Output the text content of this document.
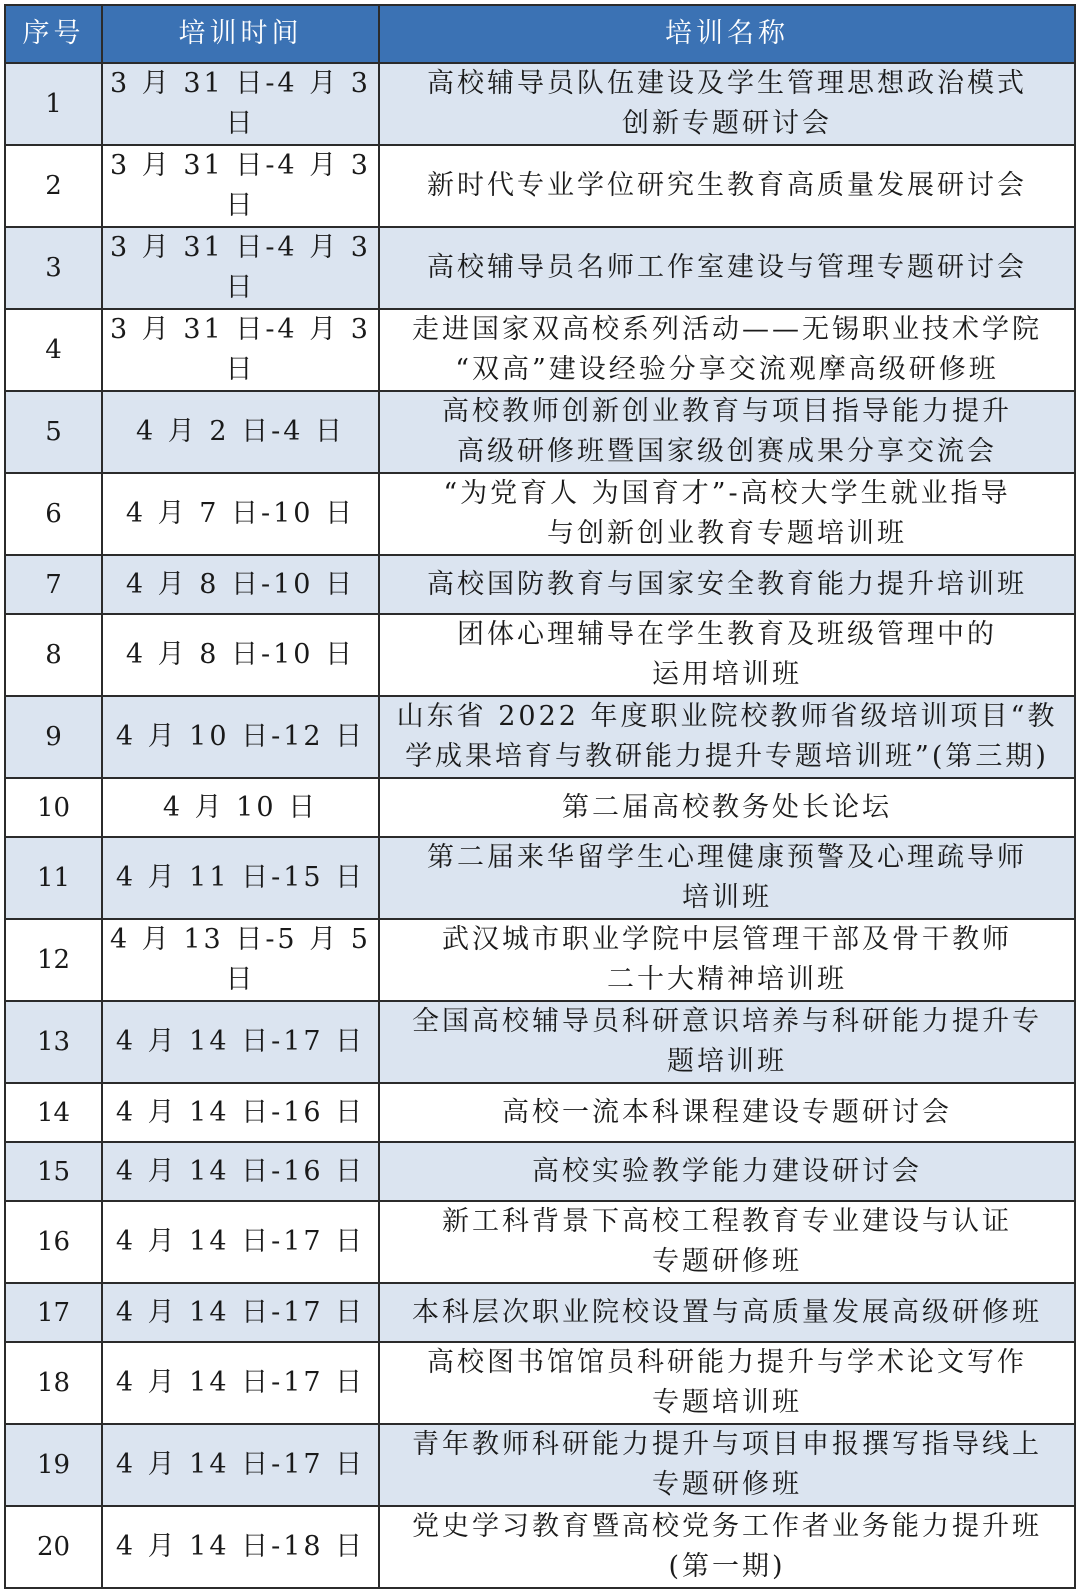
序号	培训时间	培训名称
1	3 月 31 日-4 月 3 日	高校辅导员队伍建设及学生管理思想政治模式
创新专题研讨会

2	3 月 31 日-4 月 3 日	新时代专业学位研究生教育高质量发展研讨会

3	3 月 31 日-4 月 3 日	高校辅导员名师工作室建设与管理专题研讨会

4	3 月 31 日-4 月 3 日	走进国家双高校系列活动——无锡职业技术学院
“双高”建设经验分享交流观摩高级研修班

5	4 月 2 日-4 日	高校教师创新创业教育与项目指导能力提升
高级研修班暨国家级创赛成果分享交流会

6	4 月 7 日-10 日	“为党育人 为国育才”-高校大学生就业指导
与创新创业教育专题培训班

7	4 月 8 日-10 日	高校国防教育与国家安全教育能力提升培训班

8	4 月 8 日-10 日	团体心理辅导在学生教育及班级管理中的
运用培训班

9	4 月 10 日-12 日	山东省 2022 年度职业院校教师省级培训项目“教
学成果培育与教研能力提升专题培训班”(第三期)

10	4 月 10 日	第二届高校教务处长论坛

11	4 月 11 日-15 日	第二届来华留学生心理健康预警及心理疏导师
培训班

12	4 月 13 日-5 月 5 日	武汉城市职业学院中层管理干部及骨干教师
二十大精神培训班

13	4 月 14 日-17 日	全国高校辅导员科研意识培养与科研能力提升专
题培训班

14	4 月 14 日-16 日	高校一流本科课程建设专题研讨会

15	4 月 14 日-16 日	高校实验教学能力建设研讨会

16	4 月 14 日-17 日	新工科背景下高校工程教育专业建设与认证
专题研修班

17	4 月 14 日-17 日	本科层次职业院校设置与高质量发展高级研修班

18	4 月 14 日-17 日	高校图书馆馆员科研能力提升与学术论文写作
专题培训班

19	4 月 14 日-17 日	青年教师科研能力提升与项目申报撰写指导线上
专题研修班

20	4 月 14 日-18 日	党史学习教育暨高校党务工作者业务能力提升班
(第一期)
